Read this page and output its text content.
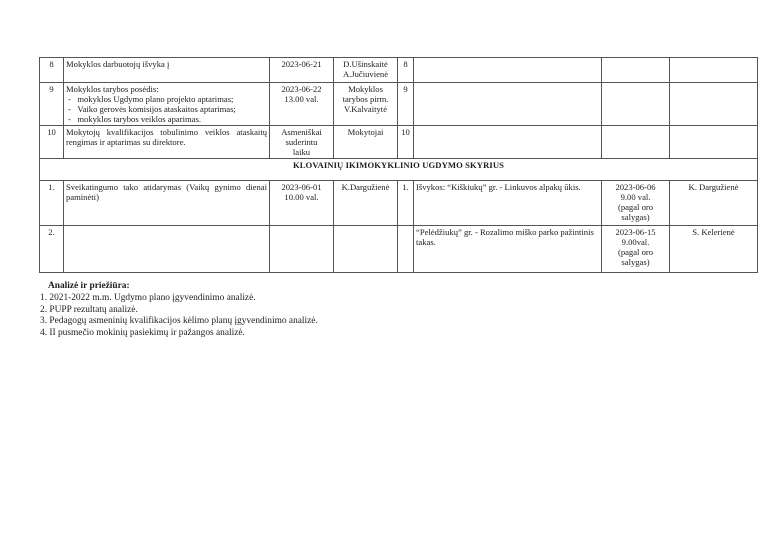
8	Mokyklos darbuotojų išvyka į	2023-06-21	D.Ušinskaitė
A.Jučiuvienė	8			
9	Mokyklos tarybos posėdis:
- mokyklos Ugdymo plano projekto aptarimas;
- Vaiko gerovės komisijos ataskaitos aptarimas;
- mokyklos tarybos veiklos aparimas.	2023-06-22
13.00 val.	Mokyklos
tarybos pirm.
V.Kalvaitytė	9			
10	Mokytojų kvalifikacijos tobulinimo veiklos ataskaitų rengimas ir aptarimas su direktore.	Asmeniškai
suderintu
laiku	Mokytojai	10			
KLOVAINIŲ IKIMOKYKLINIO UGDYMO SKYRIUS							
1.	Sveikatingumo tako atidarymas (Vaikų gynimo dienai paminėti)	2023-06-01
10.00 val.	K.Dargužienė	1.	Išvykos: “Kiškiukų” gr. - Linkuvos alpakų ūkis.	2023-06-06
9.00 val.
(pagal oro
salygas)	K. Dargužienė
2.					“Pelėdžiukų” gr. - Rozalimo miško parko pažintinis takas.	2023-06-15
9.00val.
(pagal oro
salygas)	S. Kelerienė
Analizė ir priežiūra:
1. 2021-2022 m.m. Ugdymo plano įgyvendinimo analizė.
2. PUPP rezultatų analizė.
3. Pedagogų asmeninių kvalifikacijos kėlimo planų įgyvendinimo analizė.
4. II pusmečio mokinių pasiekimų ir pažangos analizė.
